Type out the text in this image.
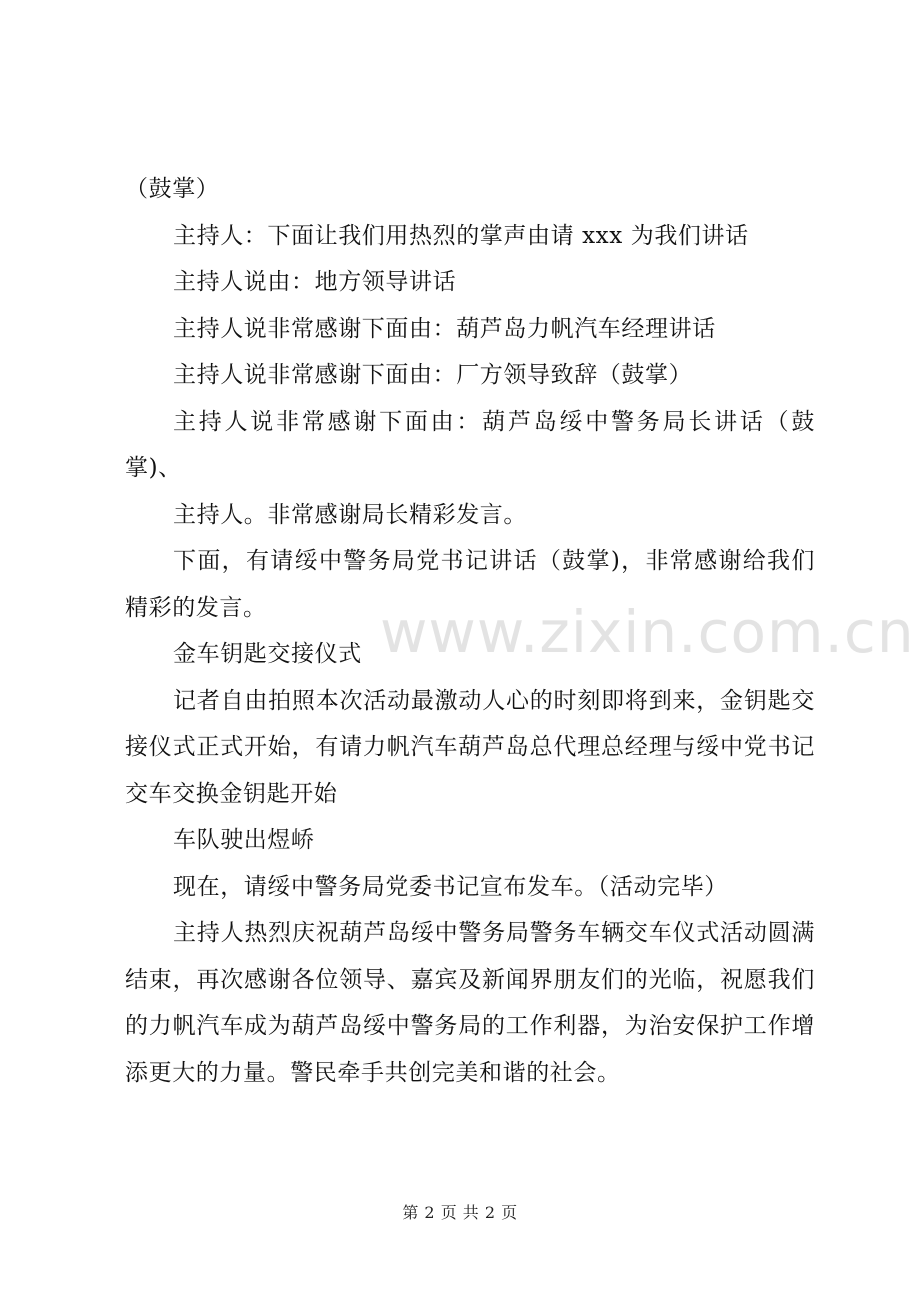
（鼓掌）

主持人：下面让我们用热烈的掌声由请 xxx 为我们讲话

主持人说由：地方领导讲话

主持人说非常感谢下面由：葫芦岛力帆汽车经理讲话

主持人说非常感谢下面由：厂方领导致辞（鼓掌）

主持人说非常感谢下面由：葫芦岛绥中警务局长讲话（鼓掌)、

主持人。非常感谢局长精彩发言。

下面，有请绥中警务局党书记讲话（鼓掌)，非常感谢给我们精彩的发言。

金车钥匙交接仪式

记者自由拍照本次活动最激动人心的时刻即将到来，金钥匙交接仪式正式开始，有请力帆汽车葫芦岛总代理总经理与绥中党书记交车交换金钥匙开始

车队驶出煜峤

现在，请绥中警务局党委书记宣布发车。（活动完毕）

主持人热烈庆祝葫芦岛绥中警务局警务车辆交车仪式活动圆满结束，再次感谢各位领导、嘉宾及新闻界朋友们的光临，祝愿我们的力帆汽车成为葫芦岛绥中警务局的工作利器，为治安保护工作增添更大的力量。警民牵手共创完美和谐的社会。

www.zixin.com.cn
第 2 页 共 2 页
